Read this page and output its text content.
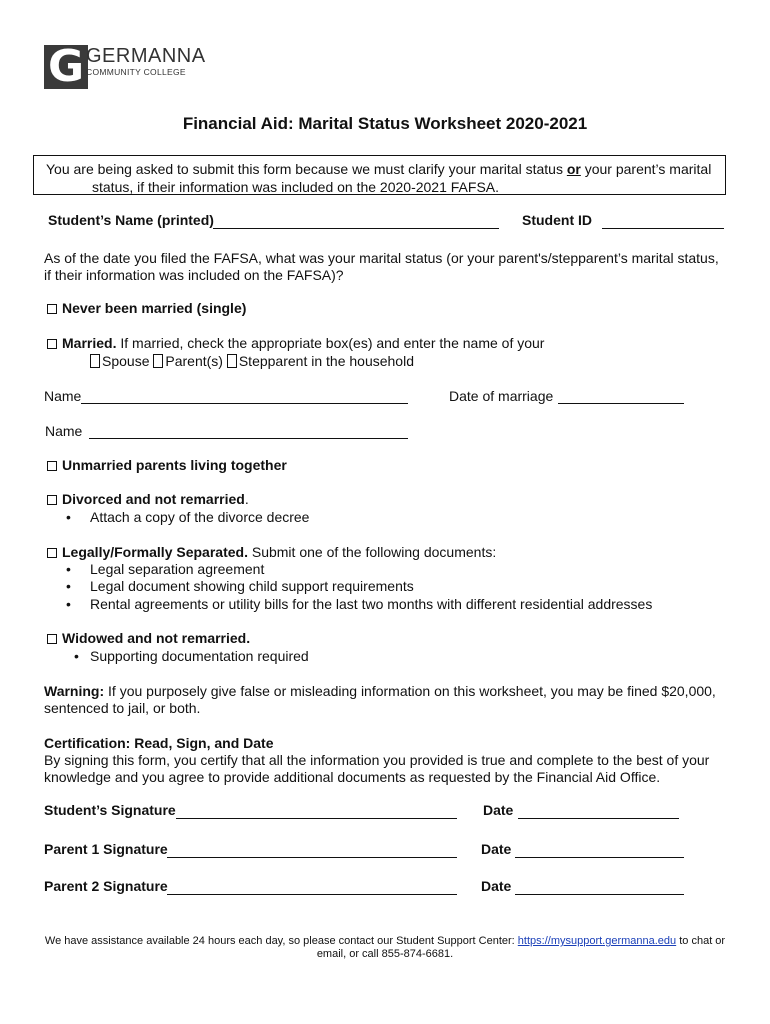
G GERMANNA
COMMUNITY COLLEGE
Financial Aid: Marital Status Worksheet 2020-2021

You are being asked to submit this form because we must clarify your marital status or your parent’s marital
status, if their information was included on the 2020-2021 FAFSA.

Student’s Name (printed)	Student ID
As of the date you filed the FAFSA, what was your marital status (or your parent's/stepparent’s marital status,
if their information was included on the FAFSA)?
Never been married (single)
Married. If married, check the appropriate box(es) and enter the name of your
Spouse Parent(s) Stepparent in the household
Name	Date of marriage
Name
Unmarried parents living together
Divorced and not remarried.
• Attach a copy of the divorce decree
Legally/Formally Separated. Submit one of the following documents:
• Legal separation agreement
• Legal document showing child support requirements
• Rental agreements or utility bills for the last two months with different residential addresses
Widowed and not remarried.
• Supporting documentation required
Warning: If you purposely give false or misleading information on this worksheet, you may be fined $20,000,
sentenced to jail, or both.
Certification: Read, Sign, and Date
By signing this form, you certify that all the information you provided is true and complete to the best of your
knowledge and you agree to provide additional documents as requested by the Financial Aid Office.
Student’s Signature	Date
Parent 1 Signature	Date
Parent 2 Signature	Date
We have assistance available 24 hours each day, so please contact our Student Support Center: https://mysupport.germanna.edu to chat or
email, or call 855-874-6681.
